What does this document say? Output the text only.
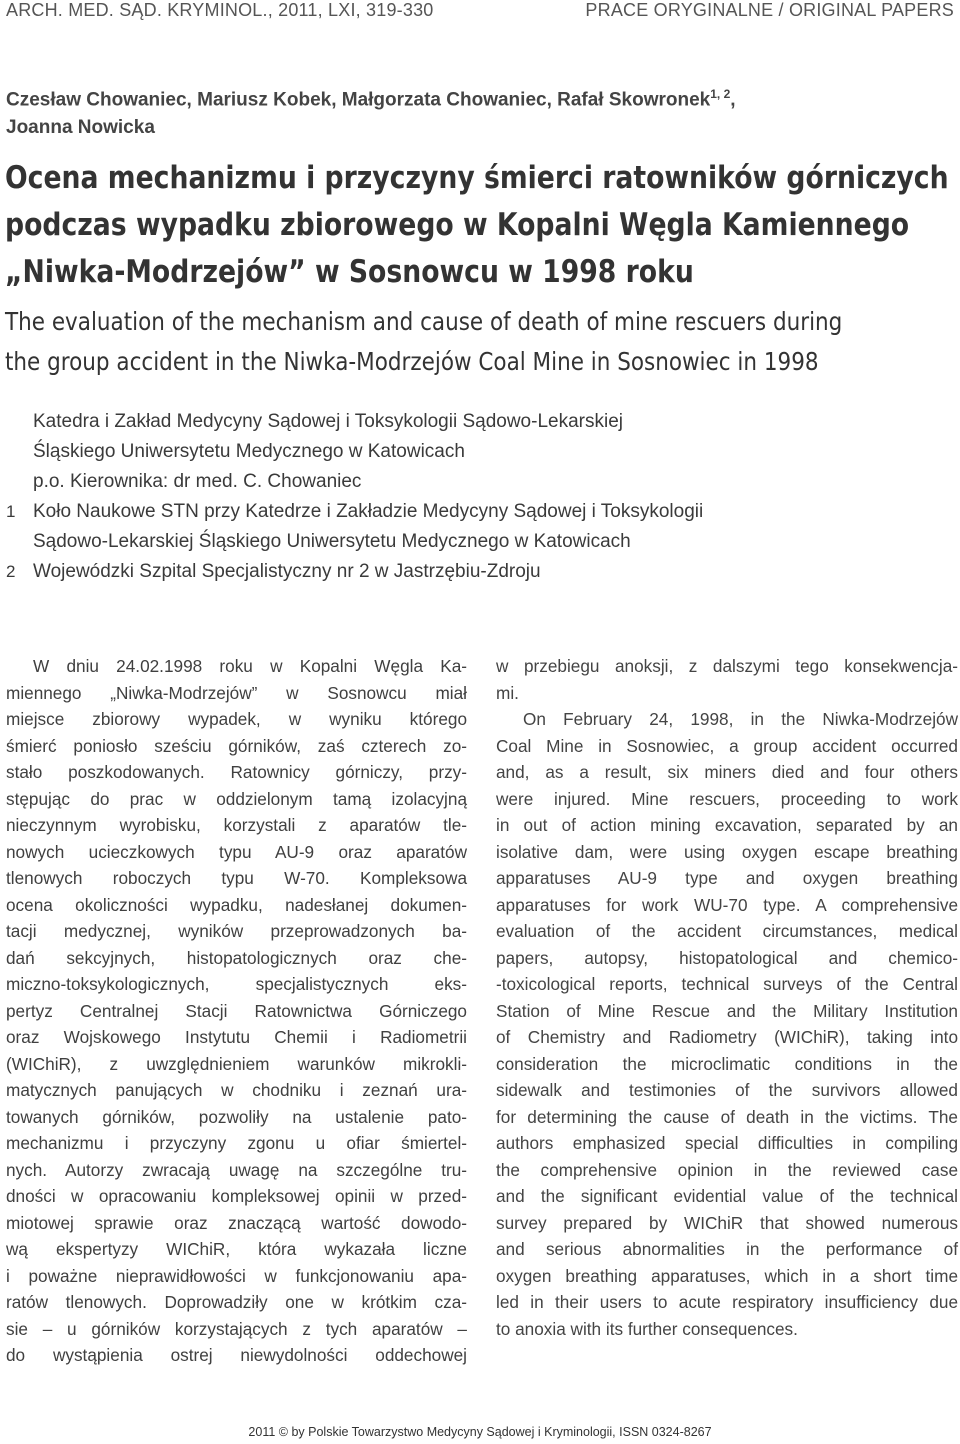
ARCH. MED. SĄD. KRYMINOL., 2011, LXI, 319-330	PRACE ORYGINALNE / ORIGINAL PAPERS
Czesław Chowaniec, Mariusz Kobek, Małgorzata Chowaniec, Rafał Skowronek$^{1, 2}$,
Joanna Nowicka
Ocena mechanizmu i przyczyny śmierci ratowników górniczych
podczas wypadku zbiorowego w Kopalni Węgla Kamiennego
„Niwka-Modrzejów” w Sosnowcu w 1998 roku
The evaluation of the mechanism and cause of death of mine rescuers during
the group accident in the Niwka-Modrzejów Coal Mine in Sosnowiec in 1998
Katedra i Zakład Medycyny Sądowej i Toksykologii Sądowo-Lekarskiej
Śląskiego Uniwersytetu Medycznego w Katowicach
p.o. Kierownika: dr med. C. Chowaniec
1 Koło Naukowe STN przy Katedrze i Zakładzie Medycyny Sądowej i Toksykologii
Sądowo-Lekarskiej Śląskiego Uniwersytetu Medycznego w Katowicach
2 Wojewódzki Szpital Specjalistyczny nr 2 w Jastrzębiu-Zdroju
W dniu 24.02.1998 roku w Kopalni Węgla Ka-
miennego „Niwka-Modrzejów” w Sosnowcu miał
miejsce zbiorowy wypadek, w wyniku którego
śmierć poniosło sześciu górników, zaś czterech zo-
stało poszkodowanych. Ratownicy górniczy, przy-
stępując do prac w oddzielonym tamą izolacyjną
nieczynnym wyrobisku, korzystali z aparatów tle-
nowych ucieczkowych typu AU-9 oraz aparatów
tlenowych roboczych typu W-70. Kompleksowa
ocena okoliczności wypadku, nadesłanej dokumen-
tacji medycznej, wyników przeprowadzonych ba-
dań sekcyjnych, histopatologicznych oraz che-
miczno-toksykologicznych, specjalistycznych eks-
pertyz Centralnej Stacji Ratownictwa Górniczego
oraz Wojskowego Instytutu Chemii i Radiometrii
(WIChiR), z uwzględnieniem warunków mikrokli-
matycznych panujących w chodniku i zeznań ura-
towanych górników, pozwoliły na ustalenie pato-
mechanizmu i przyczyny zgonu u ofiar śmiertel-
nych. Autorzy zwracają uwagę na szczególne tru-
dności w opracowaniu kompleksowej opinii w przed-
miotowej sprawie oraz znaczącą wartość dowodo-
wą ekspertyzy WIChiR, która wykazała liczne
i poważne nieprawidłowości w funkcjonowaniu apa-
ratów tlenowych. Doprowadziły one w krótkim cza-
sie – u górników korzystających z tych aparatów –
do wystąpienia ostrej niewydolności oddechowej
w przebiegu anoksji, z dalszymi tego konsekwencja-
mi.
On February 24, 1998, in the Niwka-Modrzejów
Coal Mine in Sosnowiec, a group accident occurred
and, as a result, six miners died and four others
were injured. Mine rescuers, proceeding to work
in out of action mining excavation, separated by an
isolative dam, were using oxygen escape breathing
apparatuses AU-9 type and oxygen breathing
apparatuses for work WU-70 type. A comprehensive
evaluation of the accident circumstances, medical
papers, autopsy, histopatological and chemico-
-toxicological reports, technical surveys of the Central
Station of Mine Rescue and the Military Institution
of Chemistry and Radiometry (WIChiR), taking into
consideration the microclimatic conditions in the
sidewalk and testimonies of the survivors allowed
for determining the cause of death in the victims. The
authors emphasized special difficulties in compiling
the comprehensive opinion in the reviewed case
and the significant evidential value of the technical
survey prepared by WIChiR that showed numerous
and serious abnormalities in the performance of
oxygen breathing apparatuses, which in a short time
led in their users to acute respiratory insufficiency due
to anoxia with its further consequences.
2011 © by Polskie Towarzystwo Medycyny Sądowej i Kryminologii, ISSN 0324-8267
